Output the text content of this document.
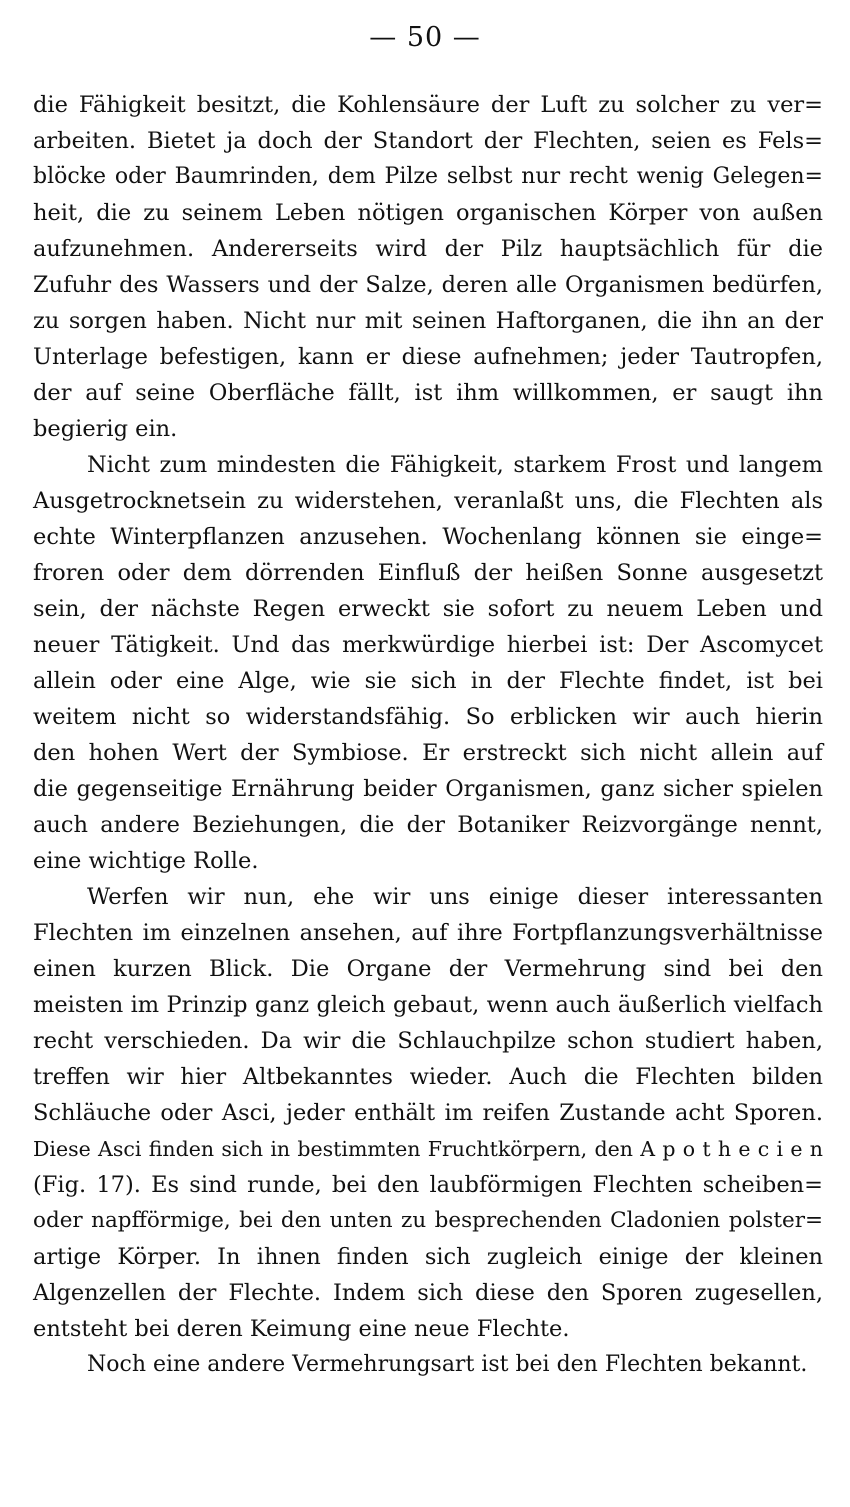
— 50 —
die Fähigkeit besitzt, die Kohlensäure der Luft zu solcher zu ver=
arbeiten. Bietet ja doch der Standort der Flechten, seien es Fels=
blöcke oder Baumrinden, dem Pilze selbst nur recht wenig Gelegen=
heit, die zu seinem Leben nötigen organischen Körper von außen
aufzunehmen. Andererseits wird der Pilz hauptsächlich für die
Zufuhr des Wassers und der Salze, deren alle Organismen bedürfen,
zu sorgen haben. Nicht nur mit seinen Haftorganen, die ihn an der
Unterlage befestigen, kann er diese aufnehmen; jeder Tautropfen,
der auf seine Oberfläche fällt, ist ihm willkommen, er saugt ihn
begierig ein.
Nicht zum mindesten die Fähigkeit, starkem Frost und langem
Ausgetrocknetsein zu widerstehen, veranlaßt uns, die Flechten als
echte Winterpflanzen anzusehen. Wochenlang können sie einge=
froren oder dem dörrenden Einfluß der heißen Sonne ausgesetzt
sein, der nächste Regen erweckt sie sofort zu neuem Leben und
neuer Tätigkeit. Und das merkwürdige hierbei ist: Der Ascomycet
allein oder eine Alge, wie sie sich in der Flechte findet, ist bei
weitem nicht so widerstandsfähig. So erblicken wir auch hierin
den hohen Wert der Symbiose. Er erstreckt sich nicht allein auf
die gegenseitige Ernährung beider Organismen, ganz sicher spielen
auch andere Beziehungen, die der Botaniker Reizvorgänge nennt,
eine wichtige Rolle.
Werfen wir nun, ehe wir uns einige dieser interessanten
Flechten im einzelnen ansehen, auf ihre Fortpflanzungsverhältnisse
einen kurzen Blick. Die Organe der Vermehrung sind bei den
meisten im Prinzip ganz gleich gebaut, wenn auch äußerlich vielfach
recht verschieden. Da wir die Schlauchpilze schon studiert haben,
treffen wir hier Altbekanntes wieder. Auch die Flechten bilden
Schläuche oder Asci, jeder enthält im reifen Zustande acht Sporen.
Diese Asci finden sich in bestimmten Fruchtkörpern, den A p o t h e c i e n
(Fig. 17). Es sind runde, bei den laubförmigen Flechten scheiben=
oder napfförmige, bei den unten zu besprechenden Cladonien polster=
artige Körper. In ihnen finden sich zugleich einige der kleinen
Algenzellen der Flechte. Indem sich diese den Sporen zugesellen,
entsteht bei deren Keimung eine neue Flechte.
Noch eine andere Vermehrungsart ist bei den Flechten bekannt.
